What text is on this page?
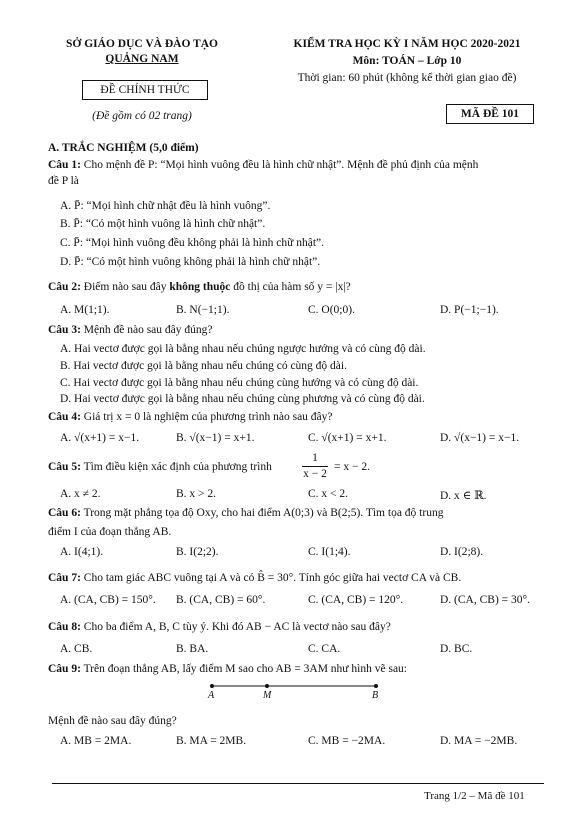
SỞ GIÁO DỤC VÀ ĐÀO TẠO
QUẢNG NAM
ĐỀ CHÍNH THỨC
(Đề gồm có 02 trang)
KIỂM TRA HỌC KỲ I NĂM HỌC 2020-2021
Môn: TOÁN – Lớp 10
Thời gian: 60 phút (không kể thời gian giao đề)
MÃ ĐỀ 101
A. TRẮC NGHIỆM (5,0 điểm)
Câu 1: Cho mệnh đề P: “Mọi hình vuông đều là hình chữ nhật”. Mệnh đề phủ định của mệnh
đề P là
A. P̄: “Mọi hình chữ nhật đều là hình vuông”.
B. P̄: “Có một hình vuông là hình chữ nhật”.
C. P̄: “Mọi hình vuông đều không phải là hình chữ nhật”.
D. P̄: “Có một hình vuông không phải là hình chữ nhật”.
Câu 2: Điểm nào sau đây không thuộc đồ thị của hàm số y = |x|?
A. M(1;1).	B. N(−1;1).	C. O(0;0).	D. P(−1;−1).
Câu 3: Mệnh đề nào sau đây đúng?
A. Hai vectơ được gọi là bằng nhau nếu chúng ngược hướng và có cùng độ dài.
B. Hai vectơ được gọi là bằng nhau nếu chúng có cùng độ dài.
C. Hai vectơ được gọi là bằng nhau nếu chúng cùng hướng và có cùng độ dài.
D. Hai vectơ được gọi là bằng nhau nếu chúng cùng phương và có cùng độ dài.
Câu 4: Giá trị x = 0 là nghiệm của phương trình nào sau đây?
A. √(x+1) = x−1.	B. √(x−1) = x+1.	C. √(x+1) = x+1.	D. √(x−1) = x−1.
Câu 5: Tìm điều kiện xác định của phương trình
1
x − 2
= x − 2.
A. x ≠ 2.	B. x > 2.	C. x < 2.	D. x ∈ ℝ.
Câu 6: Trong mặt phẳng tọa độ Oxy, cho hai điểm A(0;3) và B(2;5). Tìm tọa độ trung
điểm I của đoạn thẳng AB.
A. I(4;1).	B. I(2;2).	C. I(1;4).	D. I(2;8).
Câu 7: Cho tam giác ABC vuông tại A và có B̂ = 30°. Tính góc giữa hai vectơ CA và CB.
A. (CA, CB) = 150°. B. (CA, CB) = 60°.	C. (CA, CB) = 120°.	D. (CA, CB) = 30°.
Câu 8: Cho ba điểm A, B, C tùy ý. Khi đó AB − AC là vectơ nào sau đây?
A. CB.	B. BA.	C. CA.	D. BC.
Câu 9: Trên đoạn thẳng AB, lấy điểm M sao cho AB = 3AM như hình vẽ sau:
A	M	B
Mệnh đề nào sau đây đúng?
A. MB = 2MA.	B. MA = 2MB.	C. MB = −2MA.	D. MA = −2MB.
Trang 1/2 – Mã đề 101
